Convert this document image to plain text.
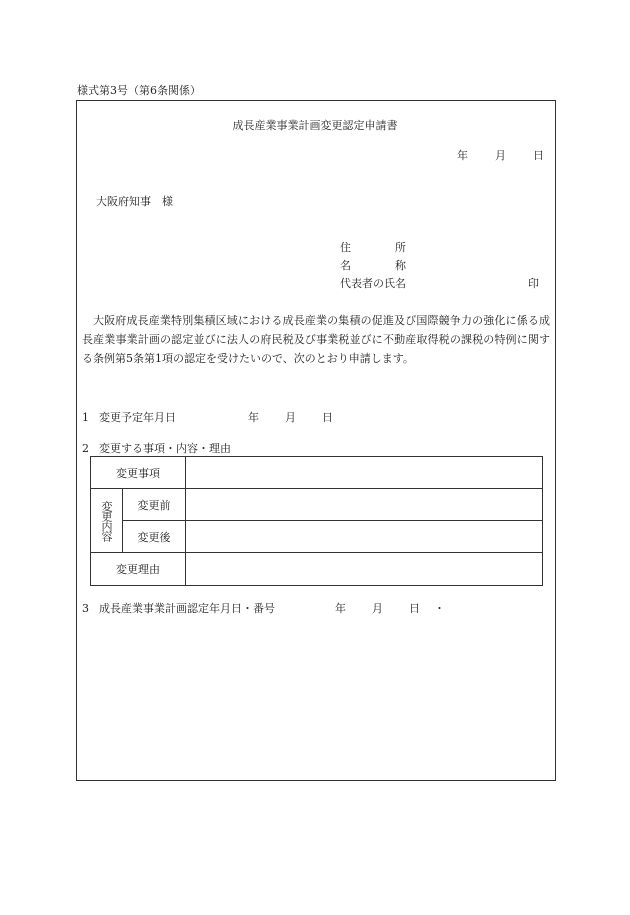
様式第3号（第6条関係）
成長産業事業計画変更認定申請書
年 月 日
大阪府知事　様
住	所
名	称
代表者の氏名	印
大阪府成長産業特別集積区域における成長産業の集積の促進及び国際競争力の強化に係る成長産業事業計画の認定並びに法人の府民税及び事業税並びに不動産取得税の課税の特例に関する条例第5条第1項の認定を受けたいので、次のとおり申請します。
1 変更予定年月日	年 月 日
2 変更する事項・内容・理由
変更事項		

変更内容	変更前	
	変更後	
変更理由		
3 成長産業事業計画認定年月日・番号	年 月 日 ・
